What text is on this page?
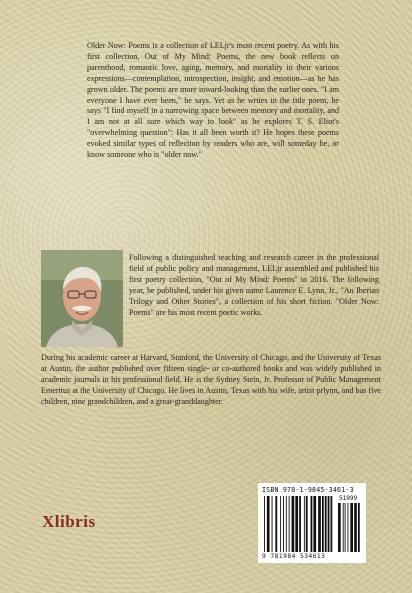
Older Now: Poems is a collection of LELjr's most recent poetry. As with his first collection, Out of My Mind: Poems, the new book reflects on parenthood, romantic love, aging, memory, and mortality in their various expressions—contemplation, introspection, insight, and emotion—as he has grown older. The poems are more inward-looking than the earlier ones. "I am everyone I have ever been," he says. Yet as he writes in the title poem, he says "I find myself in a narrowing space between memory and mortality, and I am not at all sure which way to look" as he explores T. S. Eliot's "overwhelming question": Has it all been worth it? He hopes these poems evoked similar types of reflection by readers who are, will someday be, or know someone who is "older now."

Following a distinguished teaching and research career in the professional field of public policy and management, LELjr assembled and published his first poetry collection, "Out of My Mind: Poems" in 2016. The following year, he published, under his given name Laurence E. Lynn, Jr., "An Iberian Trilogy and Other Stories", a collection of his short fiction. "Older Now: Poems" are his most recent poetic works.

During his academic career at Harvard, Stanford, the University of Chicago, and the University of Texas at Austin, the author published over fifteen single- or co-authored books and was widely published in academic journals in his professional field. He is the Sydney Stein, Jr. Professor of Public Management Emeritus at the University of Chicago. He lives in Austin, Texas with his wife, artist prlynn, and has five children, nine grandchildren, and a great-granddaughter.

Xlibris
ISBN 978-1-9845-3461-3
51999
9 781984 534613
